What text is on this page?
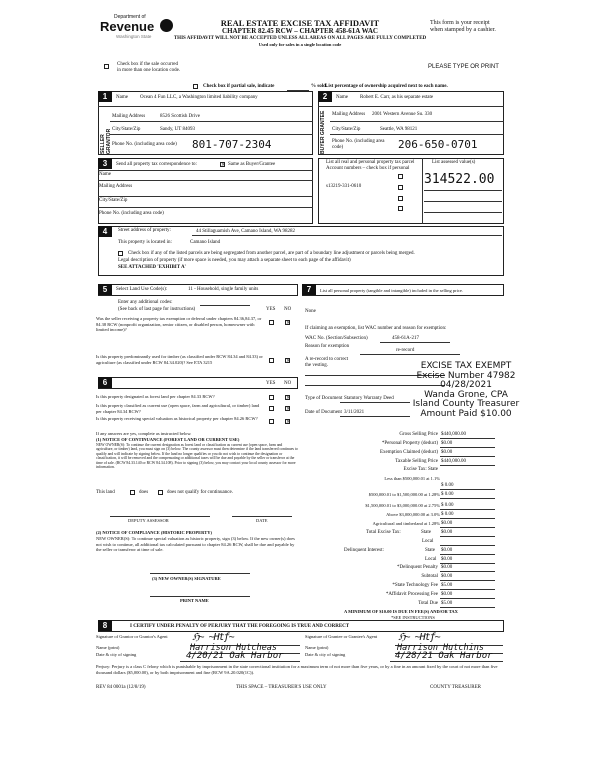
Department of
Revenue
Washington State
REAL ESTATE EXCISE TAX AFFIDAVIT
CHAPTER 82.45 RCW – CHAPTER 458-61A WAC
THIS AFFIDAVIT WILL NOT BE ACCEPTED UNLESS ALL AREAS ON ALL PAGES ARE FULLY COMPLETED
This form is your receipt
when stamped by a cashier.
Used only for sales in a single location code
Check box if the sale occurred
in more than one location code.
PLEASE TYPE OR PRINT
Check box if partial sale, indicate	% sold.
List percentage of ownership acquired next to each name.
1	2
SELLER GRANTOR
Name Ocean 4 Fun LLC, a Washington limited liability company
Mailing Address	8526 Scottish Drive
City/State/Zip	Sandy, UT 84093
Phone No. (including area code) 801-707-2304	BUYER GRANTEE
Name Robert E. Carr, as his separate estate
Mailing Address 2001 Western Avenue Su. 330
City/State/Zip	Seattle, WA 98121
Phone No. (including area code)	206-650-0701
3	Send all property tax correspondence to:	× Same as Buyer/Grantee
Name
Mailing Address
City/State/Zip
Phone No. (including area code)
List all real and personal property tax parcel
Account numbers – check box if personal
List assessed value(s)
314522.00
s13219-331-0610
4	Street address of property:	44 Stillaguamish Ave, Camano Island, WA 98282
This property is located in:	Camano Island
Check box if any of the listed parcels are being segregated from another parcel, are part of a boundary line adjustment or parcels being merged.
Legal description of property (if more space is needed, you may attach a separate sheet to each page of the affidavit)
SEE ATTACHED 'EXHIBIT A'
5	Select Land Use Code(s):	11 - Household, single family units
Enter any additional codes:
(See back of last page for instructions)	YES NO
Was the seller receiving a property tax exemption or deferral under chapters 84.36,84.37, or 84.38 RCW (nonprofit organization, senior citizen, or disabled person, homeowner with limited income)?
×
Is this property predominantly used for timber (as classified under RCW 84.34 and 84.33) or agriculture (as classified under RCW 84.34.020)? See ETA 3215	×
6	YES NO
Is this property designated as forest land per chapter 84.33 RCW?	×
Is this property classified as current use (open space, farm and agricultural, or timber) land per chapter 84.34 RCW?	×
Is this property receiving special valuation as historical property per chapter 84.26 RCW?
×
If any answers are yes, complete as instructed below.
(1) NOTICE OF CONTINUANCE (FOREST LAND OR CURRENT USE)
NEW OWNER(S): To continue the current designation as forest land or classification as current use (open space, farm and agriculture, or timber) land, you must sign on (3) below. The county assessor must then determine if the land transferred continues to qualify and will indicate by signing below. If the land no longer qualifies or you do not wish to continue the designation or classification, it will be removed and the compensating or additional taxes will be due and payable by the seller or transferor at the time of sale. (RCW 84.33.140 or RCW 84.34.108). Prior to signing (3) below, you may contact your local county assessor for more information.
This land	does	does not qualify for continuance.
DEPUTY ASSESSOR	DATE
(2) NOTICE OF COMPLIANCE (HISTORIC PROPERTY)
NEW OWNER(S): To continue special valuation as historic property, sign (3) below. If the new owner(s) does not wish to continue, all additional tax calculated pursuant to chapter 84.26 RCW, shall be due and payable by the seller or transferor at time of sale.
(3) NEW OWNER(S) SIGNATURE
PRINT NAME
7	List all personal property (tangible and intangible) included in the selling price.
None
If claiming an exemption, list WAC number and reason for exemption:
WAC No. (Section/Subsection)	458-61A-217
Reason for exemption
re-record
A re-record to correct the vesting.
Type of Document Statutory Warranty Deed
Date of Document 3/11/2021
EXCISE TAX EXEMPT
Excise Number 47982
04/28/2021
Wanda Grone, CPA
Island County Treasurer
Amount Paid $10.00
Gross Selling Price $440,000.00
*Personal Property (deduct) $0.00
Exemption Claimed (deduct) $0.00
Taxable Selling Price $440,000.00
Excise Tax: State
Less than $500,000.01 at 1.1%
$ 0.00
$500,000.01 to $1,500,000.00 at 1.28% $ 0.00
$1,500,000.01 to $3,000,000.00 at 2.75% $ 0.00
Above $3,000,000.00 at 3.0% $ 0.00
Agricultural and timberland at 1.28% $0.00
Total Excise Tax:	State $0.00
Local
Delinquent Interest:	State $0.00
Local $0.00
*Delinquent Penalty $0.00
Subtotal $0.00
*State Technology Fee $5.00
*Affidavit Processing Fee $0.00
Total Due $5.00
A MINIMUM OF $10.00 IS DUE IN FEE(S) AND/OR TAX
*SEE INSTRUCTIONS
8	I CERTIFY UNDER PENALTY OF PERJURY THAT THE FOREGOING IS TRUE AND CORRECT
Signature of Grantor or Grantor's Agent	ℌ~ ~Htƒ~
Name (print)	Harrison Hutcheas
Date & city of signing	4/20/21 Oak Harbor
Signature of Grantee or Grantee's Agent	ℌ~ ~Htƒ~
Name (print)	Harrison Hutchins
Date & city of signing	4/28/21 Oak Harbor
Perjury: Perjury is a class C felony which is punishable by imprisonment in the state correctional institution for a maximum term of not more than five years, or by a fine in an amount fixed by the court of not more than five thousand dollars ($5,000.00), or by both imprisonment and fine (RCW 9A.20.020(1C)).
REV 84 0001a (12/8/19)	THIS SPACE – TREASURER'S USE ONLY	COUNTY TREASURER
